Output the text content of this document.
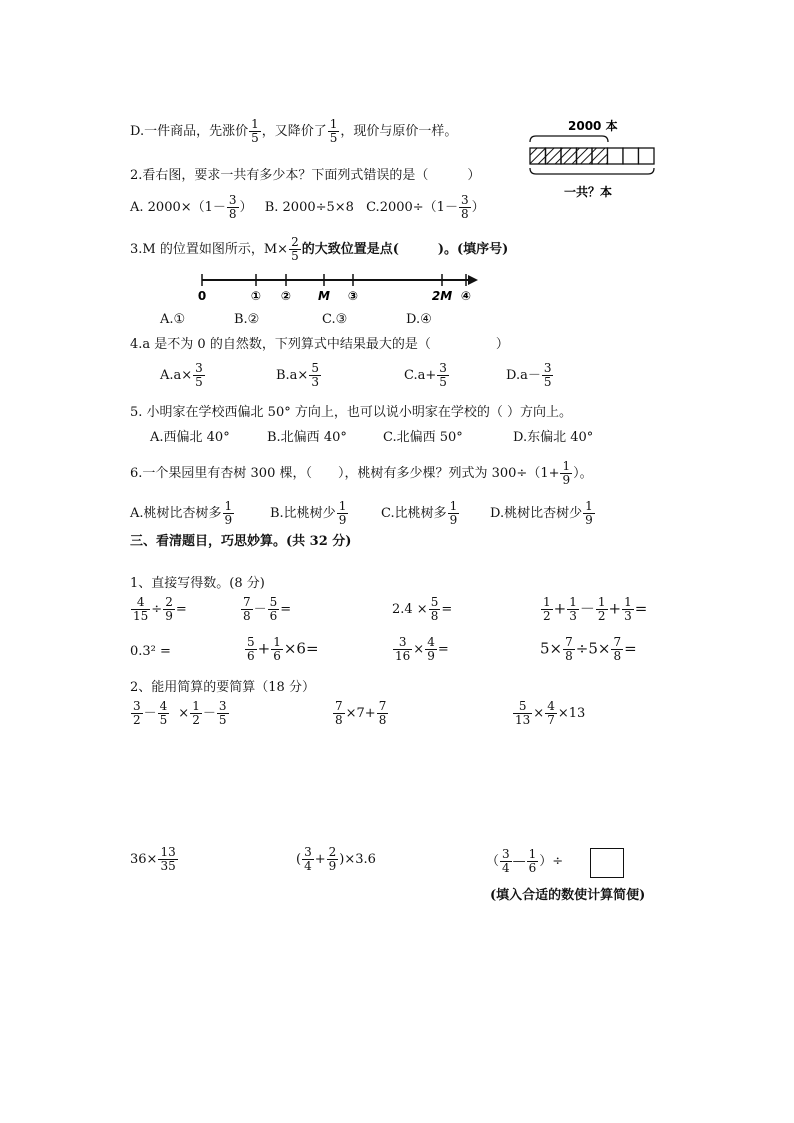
D.一件商品，先涨价 $\frac{1}{5}$ ，又降价了 $\frac{1}{5}$ ，现价与原价一样。	2000 本
一共？本
2.看右图，要求一共有多少本？下面列式错误的是（　　　）
A. $2000\times(1- \frac{3}{8}$ ） B. 2000÷5×8 $C.2000\div(1- \frac{3}{8}$ ）
3.M 的位置如图所示，$M\times \frac{2}{5}$ 的大致位置是点(　　　)。(填序号)
0	① ② M ③	2M ④
A.①	B.②	C.③	D.④
4.a 是不为 0 的自然数，下列算式中结果最大的是（　　　　　）
$A.a\times \frac{3}{5}$	$B.a\times \frac{5}{3}$	$C.a+ \frac{3}{5}$	$D.a- \frac{3}{5}$
5. 小明家在学校西偏北 50° 方向上，也可以说小明家在学校的（ ）方向上。
A.西偏北 40°	B.北偏西 40°	C.北偏西 50°	D.东偏北 40°
6.一个果园里有杏树 300 棵，（　　），桃树有多少棵？列式为 $300\div(1+ \frac{1}{9}$ ）。
A.桃树比杏树多 $\frac{1}{9}$	B.比桃树少 $\frac{1}{9}$	C.比桃树多 $\frac{1}{9} D$.桃树比杏树少 $\frac{1}{9}$
三、看清题目，巧思妙算。(共 32 分)
1、直接写得数。(8 分)
$\frac{4}{15} \div \frac{2}{9}$ =	$\frac{7}{8} - \frac{5}{6}$ =	$2.4 \times \frac{5}{8}$ =	$\frac{1}{2} + \frac{1}{3} - \frac{1}{2} + \frac{1}{3}$ =
0.3² =	$\frac{5}{6} + \frac{1}{6} \times 6=$	$\frac{3}{16} \times \frac{4}{9}$ =	$5\times \frac{7}{8} \div 5\times \frac{7}{8}$ =
2、能用简算的要简算（18 分）
$\frac{3}{2} - \frac{4}{5} \times \frac{1}{2} - \frac{3}{5}$	$\frac{7}{8} \times 7+ \frac{7}{8}$	$\frac{5}{13} \times \frac{4}{7} \times 13$
$36\times \frac{13}{35}$	( $\frac{3}{4} + \frac{2}{9} )\times 3.6$	（ $\frac{3}{4}$ — $\frac{1}{6}$ ）÷
(填入合适的数使计算简便)
